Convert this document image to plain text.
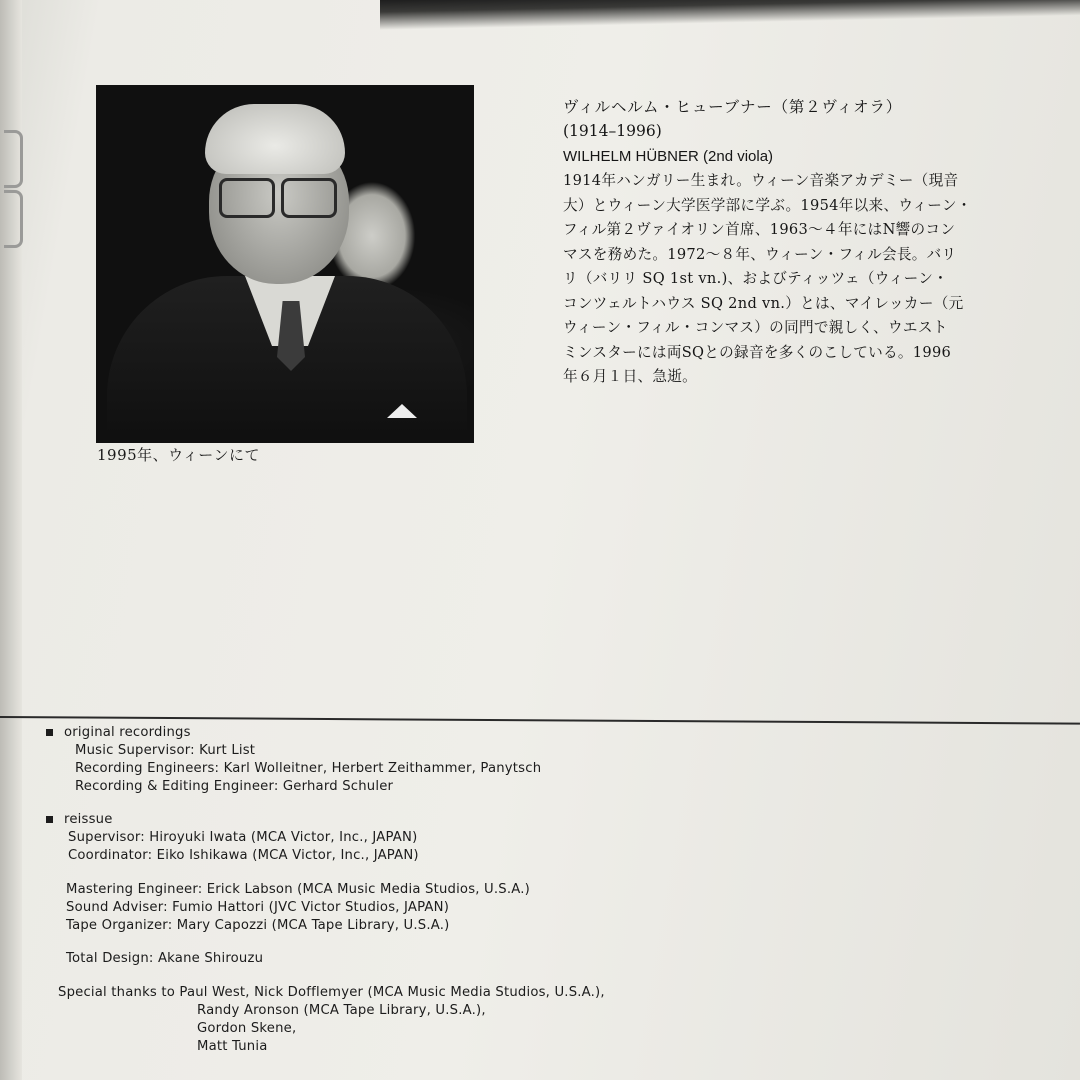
1995年、ウィーンにて
ヴィルヘルム・ヒューブナー（第２ヴィオラ）
(1914–1996)
WILHELM HÜBNER (2nd viola)
1914年ハンガリー生まれ。ウィーン音楽アカデミー（現音
大）とウィーン大学医学部に学ぶ。1954年以来、ウィーン・
フィル第２ヴァイオリン首席、1963～４年にはN響のコン
マスを務めた。1972～８年、ウィーン・フィル会長。バリ
リ（バリリ SQ 1st vn.)、およびティッツェ（ウィーン・
コンツェルトハウス SQ 2nd vn.）とは、マイレッカー（元
ウィーン・フィル・コンマス）の同門で親しく、ウエスト
ミンスターには両SQとの録音を多くのこしている。1996
年６月１日、急逝。
original recordings
Music Supervisor: Kurt List
Recording Engineers: Karl Wolleitner, Herbert Zeithammer, Panytsch
Recording & Editing Engineer: Gerhard Schuler
reissue
Supervisor: Hiroyuki Iwata (MCA Victor, Inc., JAPAN)
Coordinator: Eiko Ishikawa (MCA Victor, Inc., JAPAN)
Mastering Engineer: Erick Labson (MCA Music Media Studios, U.S.A.)
Sound Adviser: Fumio Hattori (JVC Victor Studios, JAPAN)
Tape Organizer: Mary Capozzi (MCA Tape Library, U.S.A.)
Total Design: Akane Shirouzu
Special thanks to Paul West, Nick Dofflemyer (MCA Music Media Studios, U.S.A.),
Randy Aronson (MCA Tape Library, U.S.A.),
Gordon Skene,
Matt Tunia
